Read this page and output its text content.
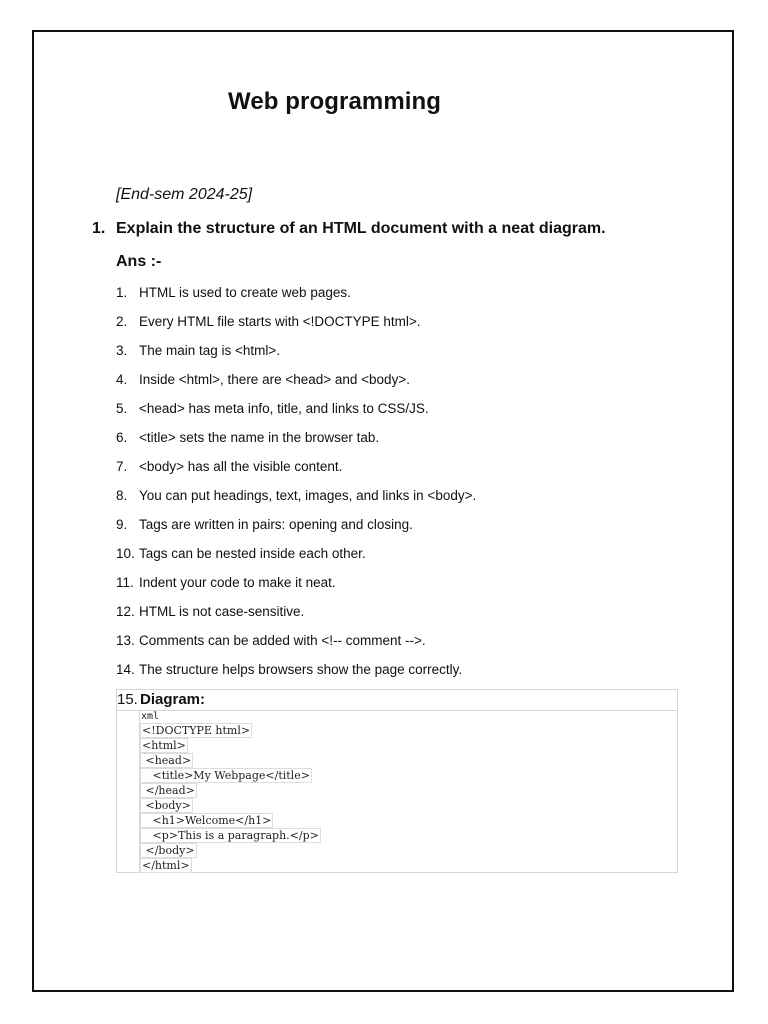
Web programming
[End-sem 2024-25]
1. Explain the structure of an HTML document with a neat diagram.
Ans :-
1. HTML is used to create web pages.
2. Every HTML file starts with <!DOCTYPE html>.
3. The main tag is <html>.
4. Inside <html>, there are <head> and <body>.
5. <head> has meta info, title, and links to CSS/JS.
6. <title> sets the name in the browser tab.
7. <body> has all the visible content.
8. You can put headings, text, images, and links in <body>.
9. Tags are written in pairs: opening and closing.
10. Tags can be nested inside each other.
11. Indent your code to make it neat.
12. HTML is not case-sensitive.
13. Comments can be added with <!-- comment -->.
14. The structure helps browsers show the page correctly.
15. Diagram:
xml
<!DOCTYPE html>
<html>
<head>
<title>My Webpage</title>
</head>
<body>
<h1>Welcome</h1>
<p>This is a paragraph.</p>
</body>
</html>
